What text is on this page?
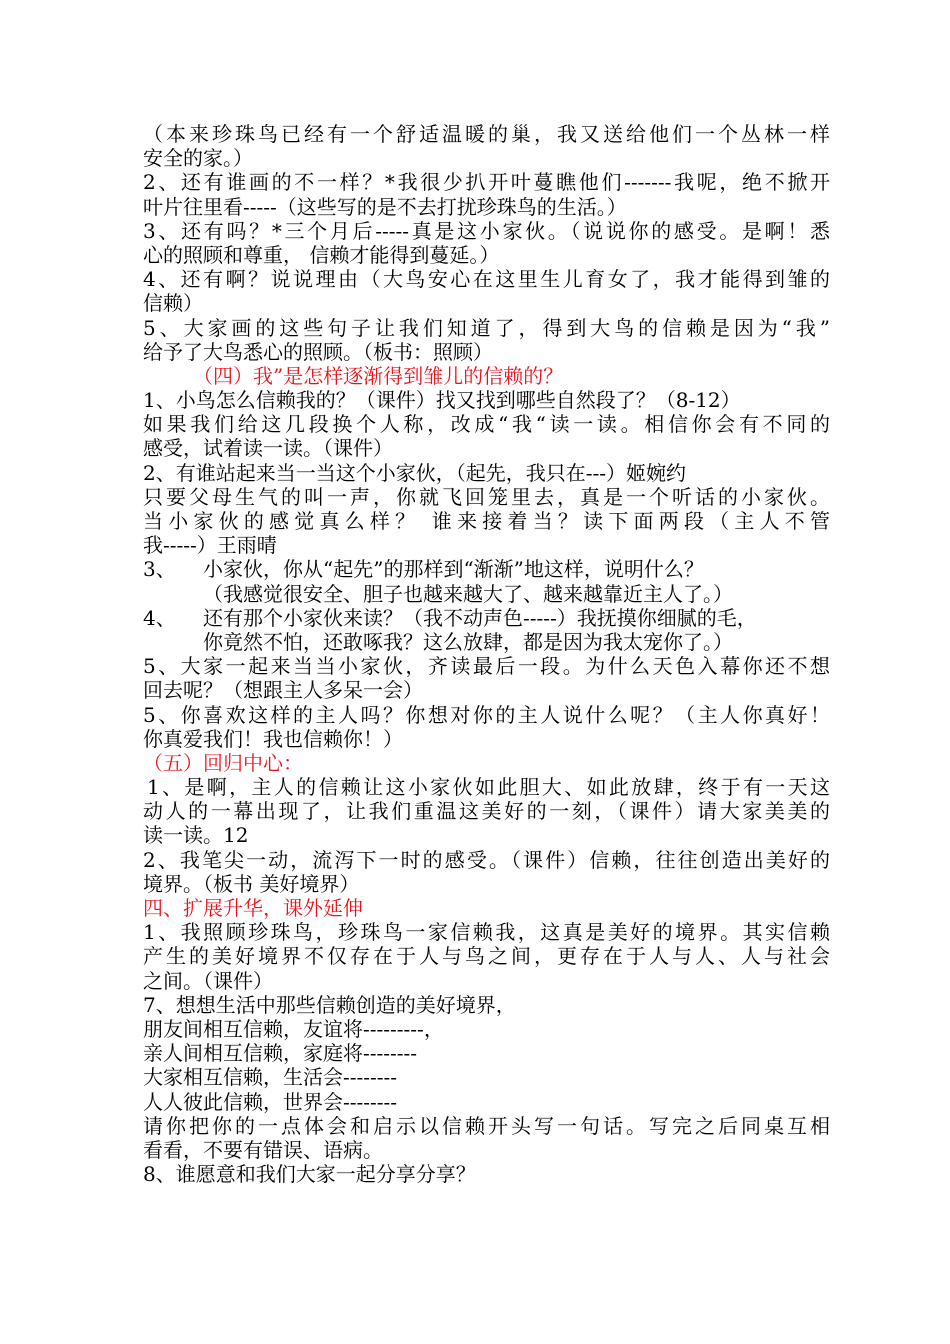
（本来珍珠鸟已经有一个舒适温暖的巢，我又送给他们一个丛林一样
安全的家。）
2、还有谁画的不一样？*我很少扒开叶蔓瞧他们-------我呢，绝不掀开
叶片往里看-----（这些写的是不去打扰珍珠鸟的生活。）
3、还有吗？*三个月后-----真是这小家伙。（说说你的感受。是啊！悉
心的照顾和尊重， 信赖才能得到蔓延。）
4、还有啊？说说理由（大鸟安心在这里生儿育女了，我才能得到雏的
信赖）
5、大家画的这些句子让我们知道了，得到大鸟的信赖是因为“我”
给予了大鸟悉心的照顾。（板书：照顾）
（四）我”是怎样逐渐得到雏儿的信赖的？
1、小鸟怎么信赖我的？（课件）找又找到哪些自然段了？（8-12）
如果我们给这几段换个人称，改成“我“读一读。相信你会有不同的
感受，试着读一读。（课件）
2、有谁站起来当一当这个小家伙，（起先，我只在---）姬婉约
只要父母生气的叫一声，你就飞回笼里去，真是一个听话的小家伙。
当小家伙的感觉真么样？ 谁来接着当？读下面两段（主人不管
我-----）王雨晴
3、	小家伙，你从“起先”的那样到“渐渐”地这样，说明什么？
（我感觉很安全、胆子也越来越大了、越来越靠近主人了。）
4、	还有那个小家伙来读？（我不动声色-----）我抚摸你细腻的毛，
你竟然不怕，还敢啄我？这么放肆，都是因为我太宠你了。）
5、大家一起来当当小家伙，齐读最后一段。为什么天色入幕你还不想
回去呢？（想跟主人多呆一会）
5、你喜欢这样的主人吗？你想对你的主人说什么呢？（主人你真好！
你真爱我们！我也信赖你！）
（五）回归中心：
1、是啊，主人的信赖让这小家伙如此胆大、如此放肆，终于有一天这
动人的一幕出现了，让我们重温这美好的一刻，（课件）请大家美美的
读一读。12
2、我笔尖一动，流泻下一时的感受。（课件）信赖，往往创造出美好的
境界。（板书 美好境界）
四、扩展升华，课外延伸
1、我照顾珍珠鸟，珍珠鸟一家信赖我，这真是美好的境界。其实信赖
产生的美好境界不仅存在于人与鸟之间，更存在于人与人、人与社会
之间。（课件）
7、想想生活中那些信赖创造的美好境界，
朋友间相互信赖，友谊将---------，
亲人间相互信赖，家庭将--------
大家相互信赖，生活会--------
人人彼此信赖，世界会--------
请你把你的一点体会和启示以信赖开头写一句话。写完之后同桌互相
看看，不要有错误、语病。
8、谁愿意和我们大家一起分享分享？
